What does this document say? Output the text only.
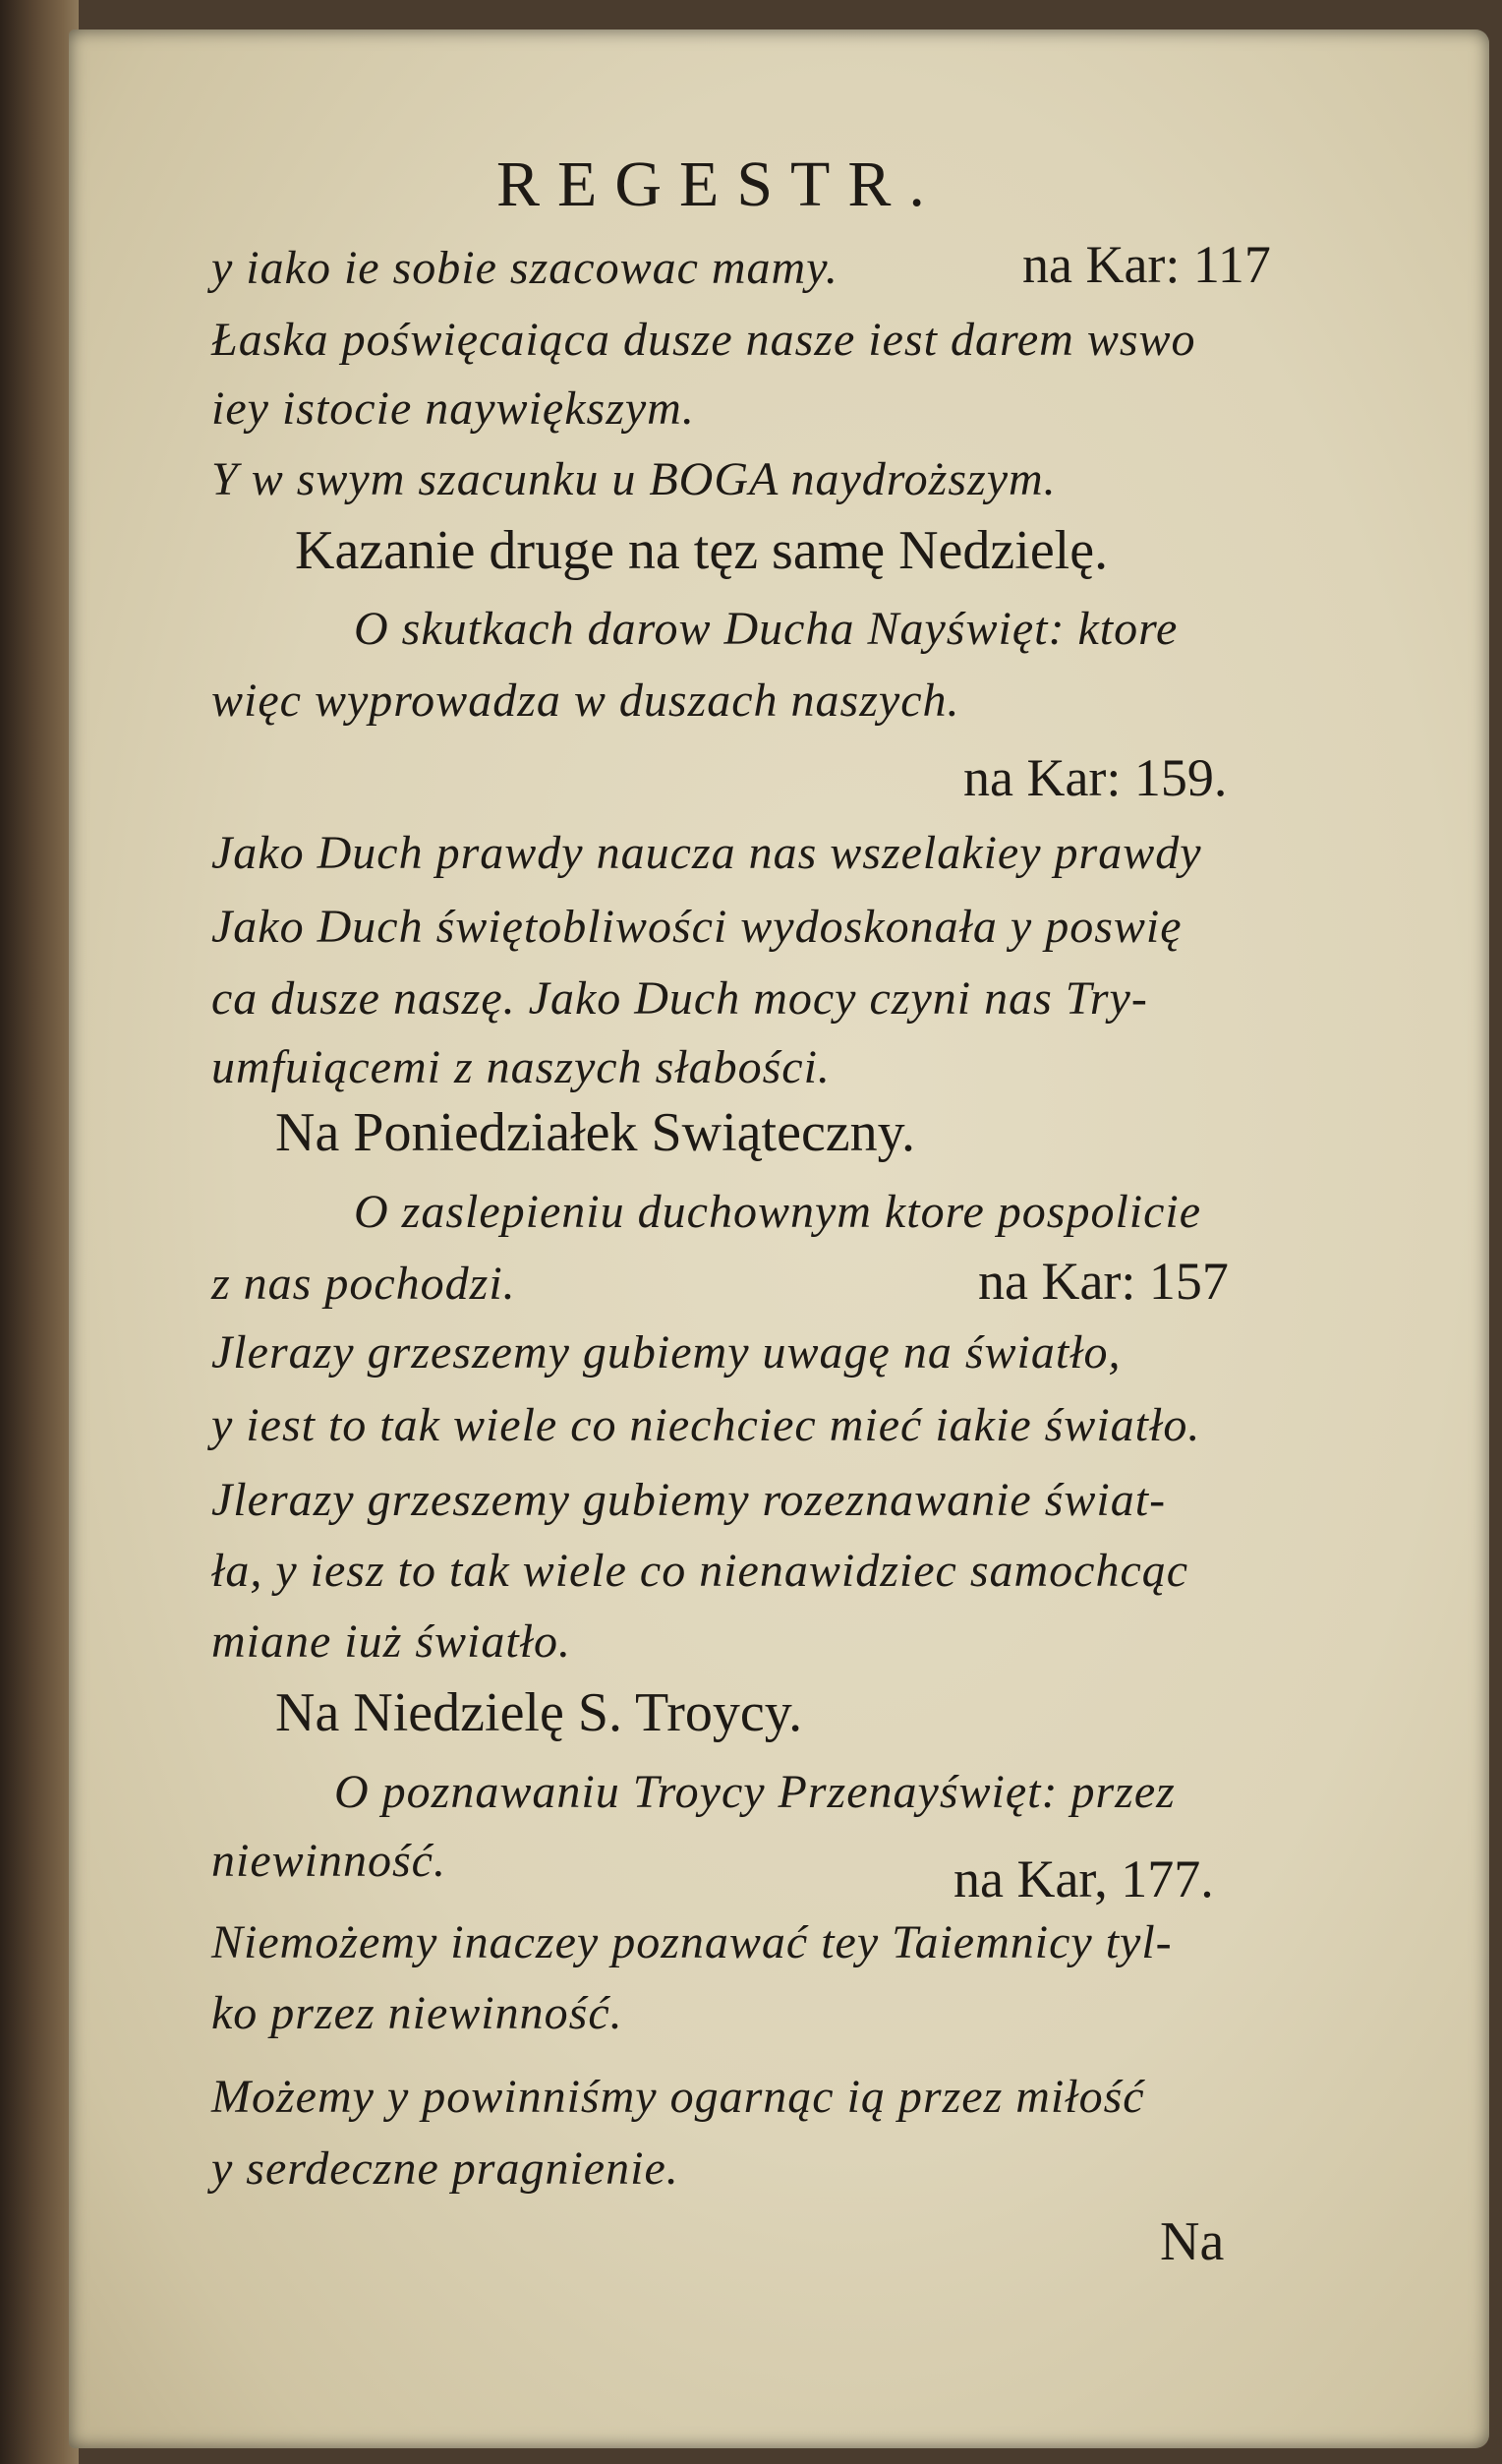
REGESTR.
y iako ie sobie szacowac mamy.	na Kar: 117
Łaska poświęcaiąca dusze nasze iest darem wswo
iey istocie naywiększym.
Y w swym szacunku u BOGA naydroższym.
Kazanie druge na tęz samę Nedzielę.
O skutkach darow Ducha Nayświęt: ktore
więc wyprowadza w duszach naszych.
na Kar: 159.
Jako Duch prawdy naucza nas wszelakiey prawdy
Jako Duch świętobliwości wydoskonała y poswię
ca dusze naszę. Jako Duch mocy czyni nas Try-
umfuiącemi z naszych słabości.
Na Poniedziałek Swiąteczny.
O zaslepieniu duchownym ktore pospolicie
z nas pochodzi.	na Kar: 157
Jlerazy grzeszemy gubiemy uwagę na światło,
y iest to tak wiele co niechciec mieć iakie światło.
Jlerazy grzeszemy gubiemy rozeznawanie świat-
ła, y iesz to tak wiele co nienawidziec samochcąc
miane iuż światło.
Na Niedzielę S. Troycy.
O poznawaniu Troycy Przenayświęt: przez
niewinność.	na Kar, 177.
Niemożemy inaczey poznawać tey Taiemnicy tyl-
ko przez niewinność.
Możemy y powinniśmy ogarnąc ią przez miłość
y serdeczne pragnienie.
Na
